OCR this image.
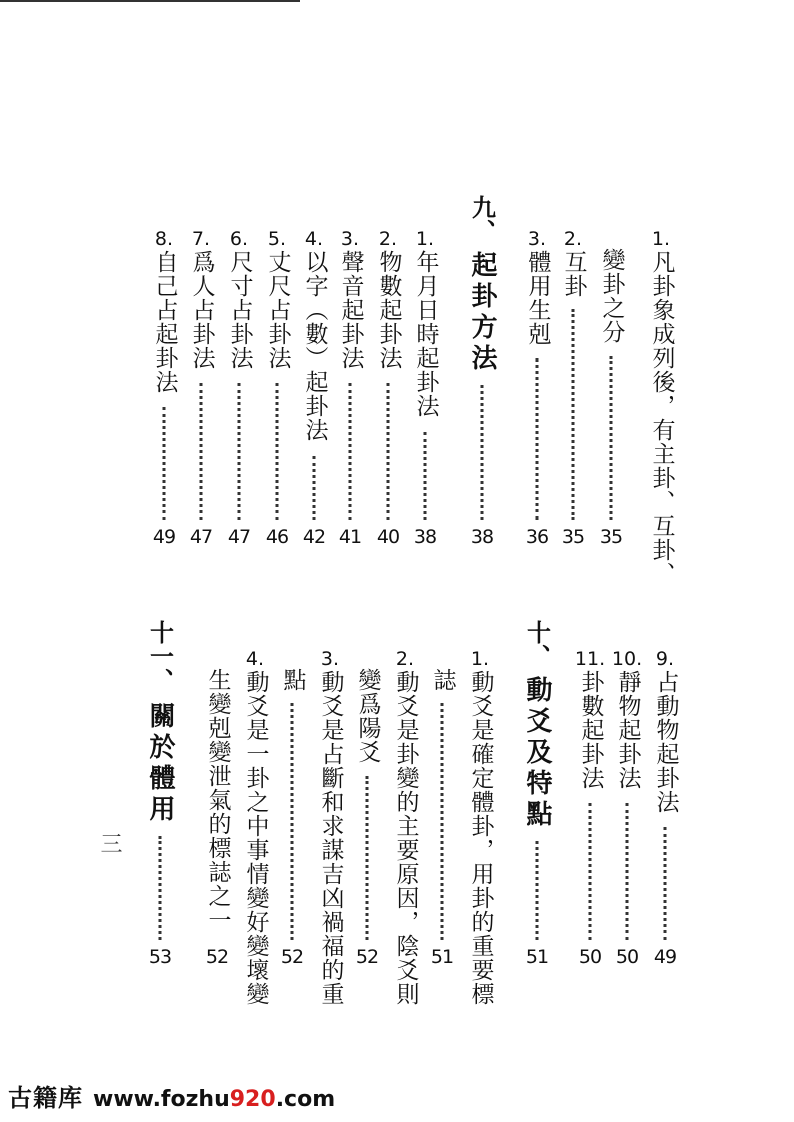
1.
凡卦象成列後，有主卦、互卦、
變卦之分
35
2.
互卦
35
3.
體用生剋
36
九、
起卦方法
38
1.
年月日時起卦法
38
2.
物數起卦法
40
3.
聲音起卦法
41
4.
以字（數）起卦法
42
5.
丈尺占卦法
46
6.
尺寸占卦法
47
7.
爲人占卦法
47
8.
自己占起卦法
49
9.
占動物起卦法
49
10.
靜物起卦法
50
11.
卦數起卦法
50
十、
動爻及特點
51
1.
動爻是確定體卦，用卦的重要標
誌
51
2.
動爻是卦變的主要原因，陰爻則
變爲陽爻
52
3.
動爻是占斷和求謀吉凶禍福的重
點
52
4.
動爻是一卦之中事情變好變壞變
生變剋變泄氣的標誌之一
52
十一、
關於體用
53
三
古籍库 www.fozhu920.com
